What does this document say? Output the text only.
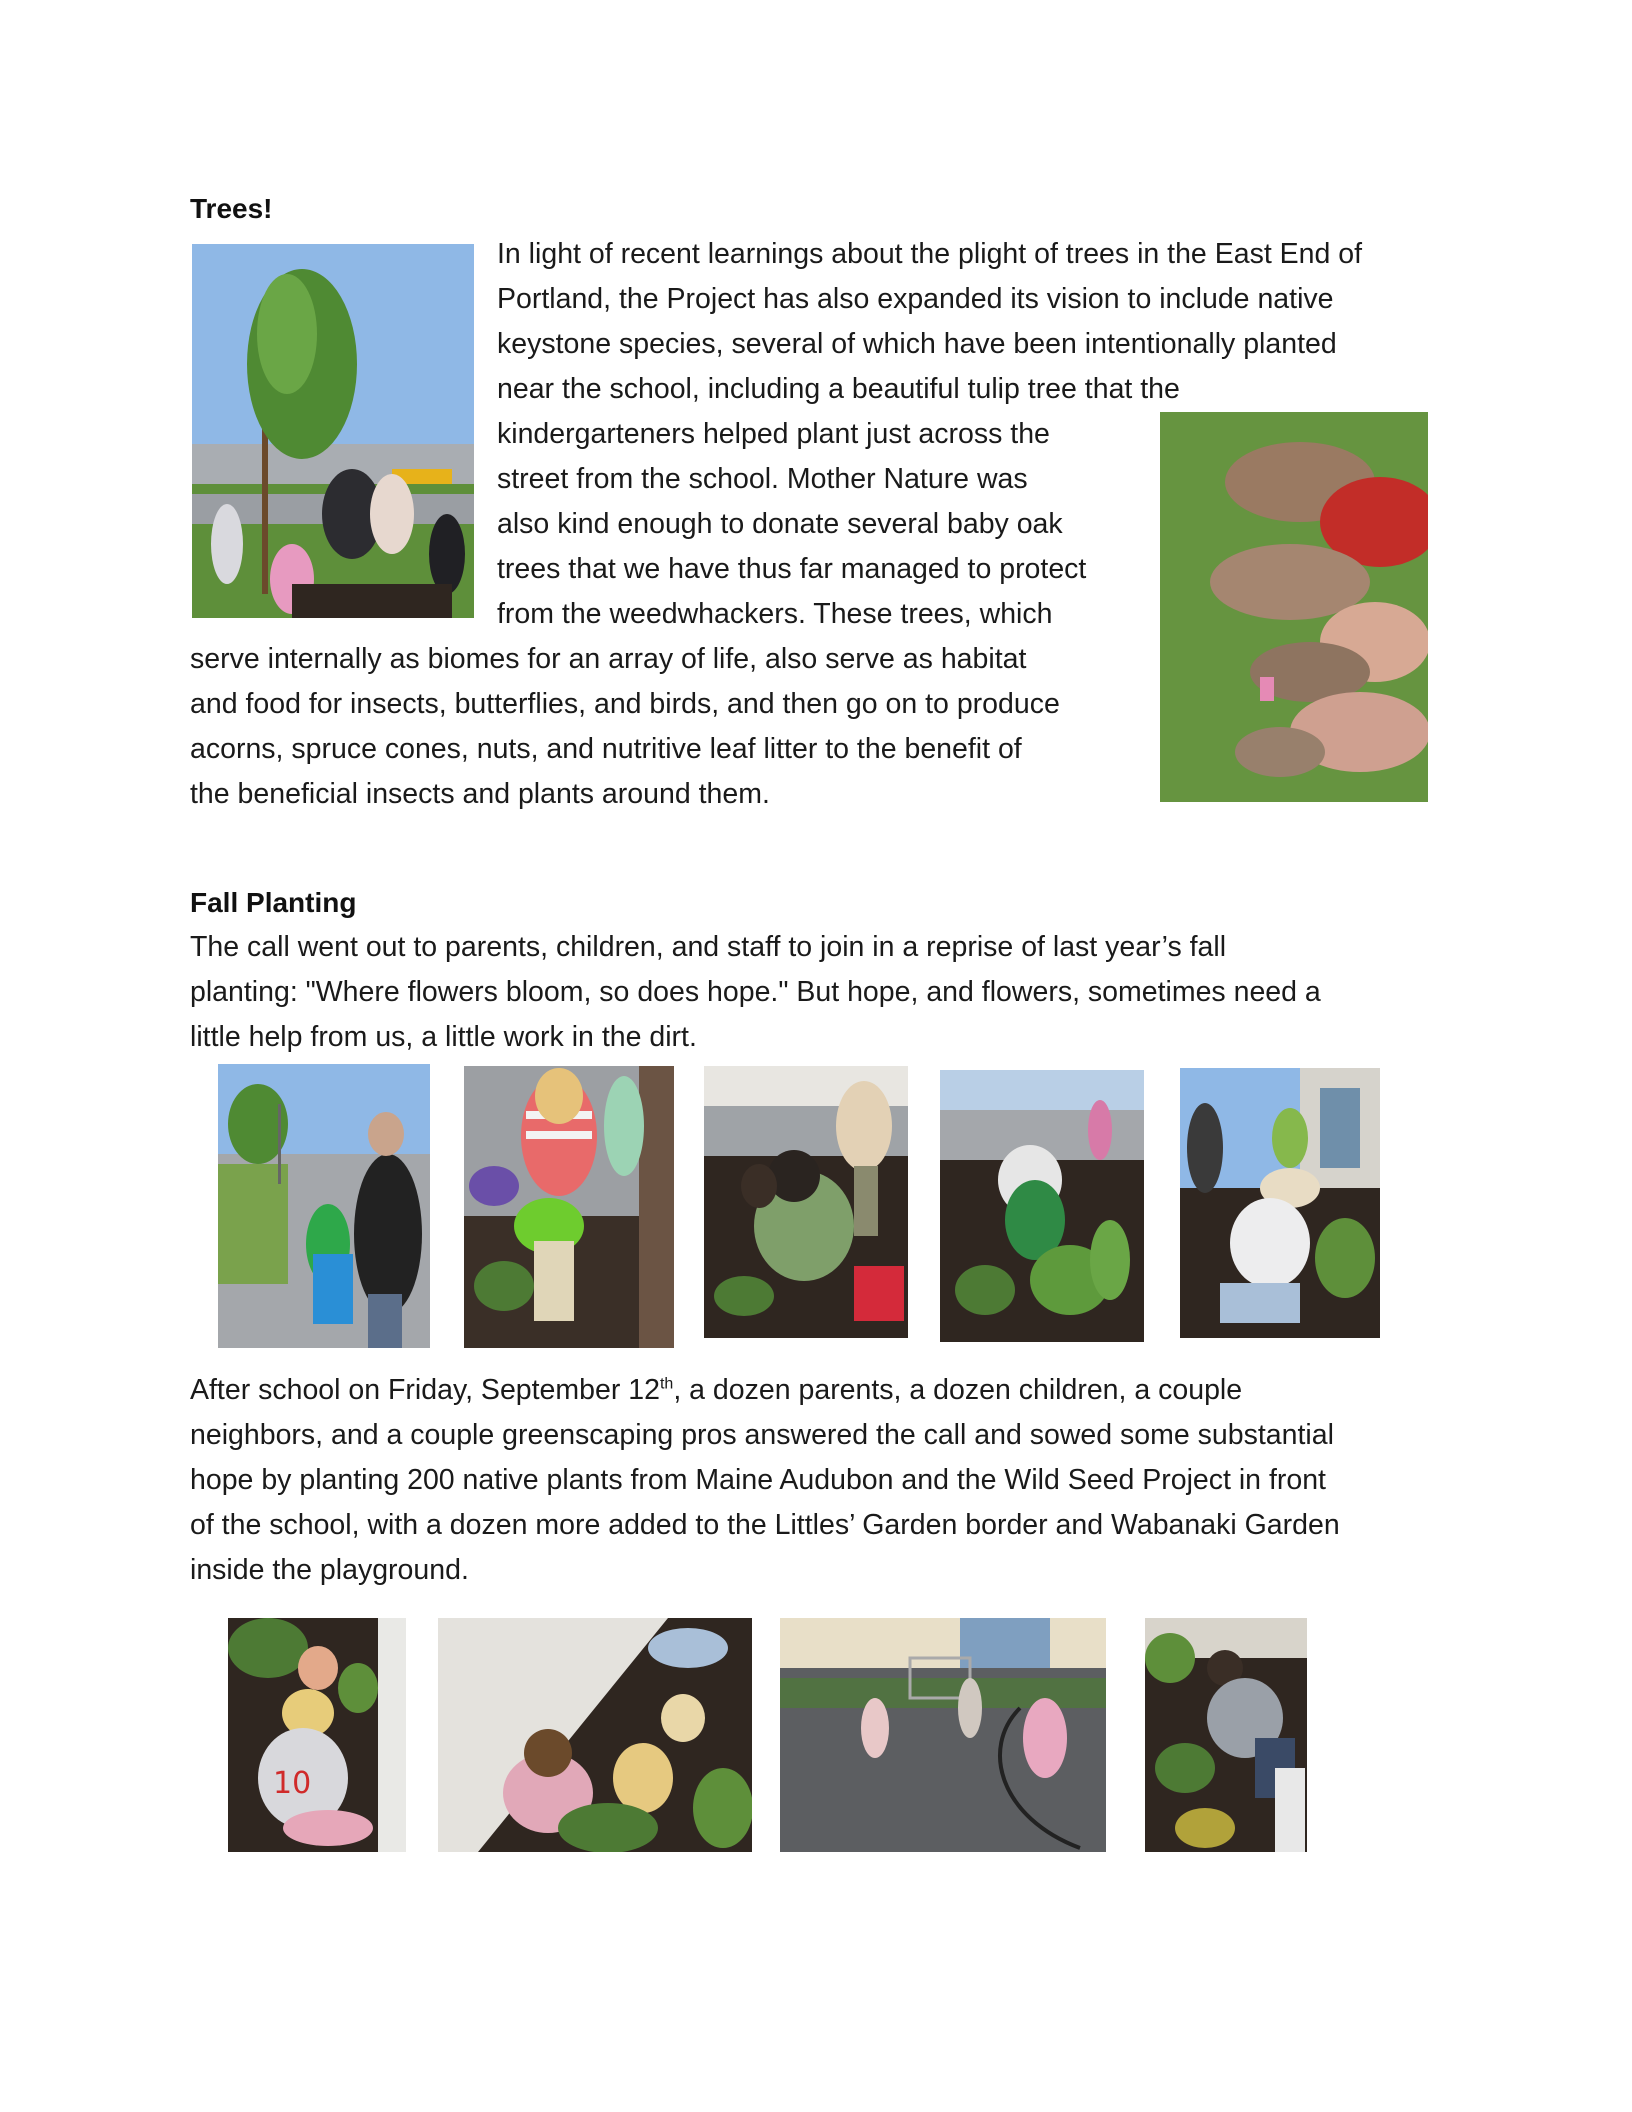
Trees!
In light of recent learnings about the plight of trees in the East End of
Portland, the Project has also expanded its vision to include native
keystone species, several of which have been intentionally planted
near the school, including a beautiful tulip tree that the
kindergarteners helped plant just across the
street from the school. Mother Nature was
also kind enough to donate several baby oak
trees that we have thus far managed to protect
from the weedwhackers. These trees, which
serve internally as biomes for an array of life, also serve as habitat
and food for insects, butterflies, and birds, and then go on to produce
acorns, spruce cones, nuts, and nutritive leaf litter to the benefit of
the beneficial insects and plants around them.
Fall Planting
The call went out to parents, children, and staff to join in a reprise of last year’s fall
planting: "Where flowers bloom, so does hope." But hope, and flowers, sometimes need a
little help from us, a little work in the dirt.
After school on Friday, September 12th, a dozen parents, a dozen children, a couple
neighbors, and a couple greenscaping pros answered the call and sowed some substantial
hope by planting 200 native plants from Maine Audubon and the Wild Seed Project in front
of the school, with a dozen more added to the Littles’ Garden border and Wabanaki Garden
inside the playground.
10
